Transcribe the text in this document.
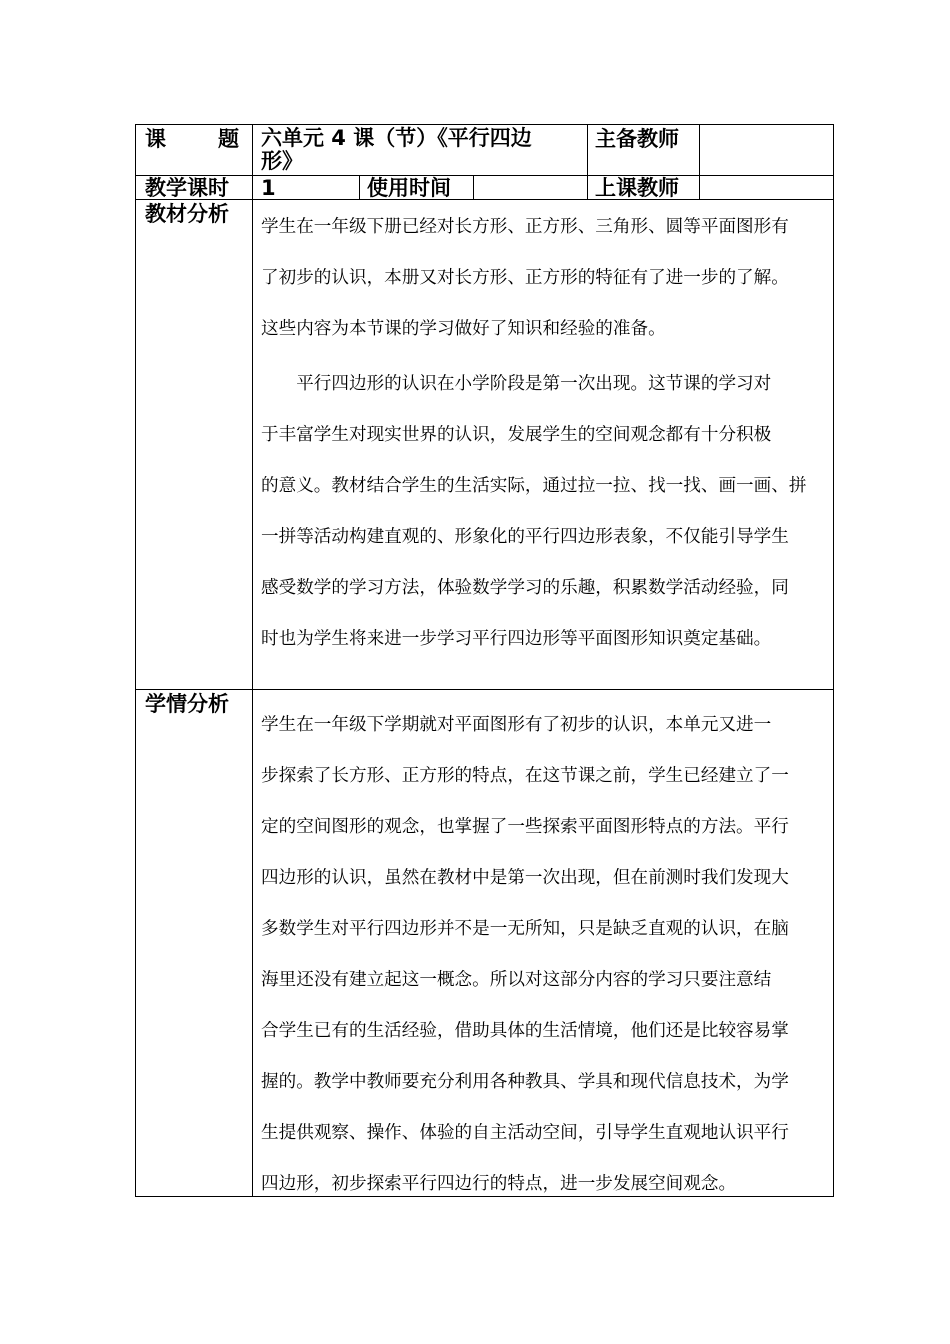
课 题 六单元 4 课（节）《平行四边
形》
主备教师
教学课时 1	使用时间	上课教师
教材分析
学生在一年级下册已经对长方形、正方形、三角形、圆等平面图形有
了初步的认识，本册又对长方形、正方形的特征有了进一步的了解。
这些内容为本节课的学习做好了知识和经验的准备。
　　平行四边形的认识在小学阶段是第一次出现。这节课的学习对
于丰富学生对现实世界的认识，发展学生的空间观念都有十分积极
的意义。教材结合学生的生活实际，通过拉一拉、找一找、画一画、拼
一拼等活动构建直观的、形象化的平行四边形表象，不仅能引导学生
感受数学的学习方法，体验数学学习的乐趣，积累数学活动经验，同
时也为学生将来进一步学习平行四边形等平面图形知识奠定基础。
学情分析
学生在一年级下学期就对平面图形有了初步的认识，本单元又进一
步探索了长方形、正方形的特点，在这节课之前，学生已经建立了一
定的空间图形的观念，也掌握了一些探索平面图形特点的方法。平行
四边形的认识，虽然在教材中是第一次出现，但在前测时我们发现大
多数学生对平行四边形并不是一无所知，只是缺乏直观的认识，在脑
海里还没有建立起这一概念。所以对这部分内容的学习只要注意结
合学生已有的生活经验，借助具体的生活情境，他们还是比较容易掌
握的。教学中教师要充分利用各种教具、学具和现代信息技术，为学
生提供观察、操作、体验的自主活动空间，引导学生直观地认识平行
四边形，初步探索平行四边行的特点，进一步发展空间观念。
